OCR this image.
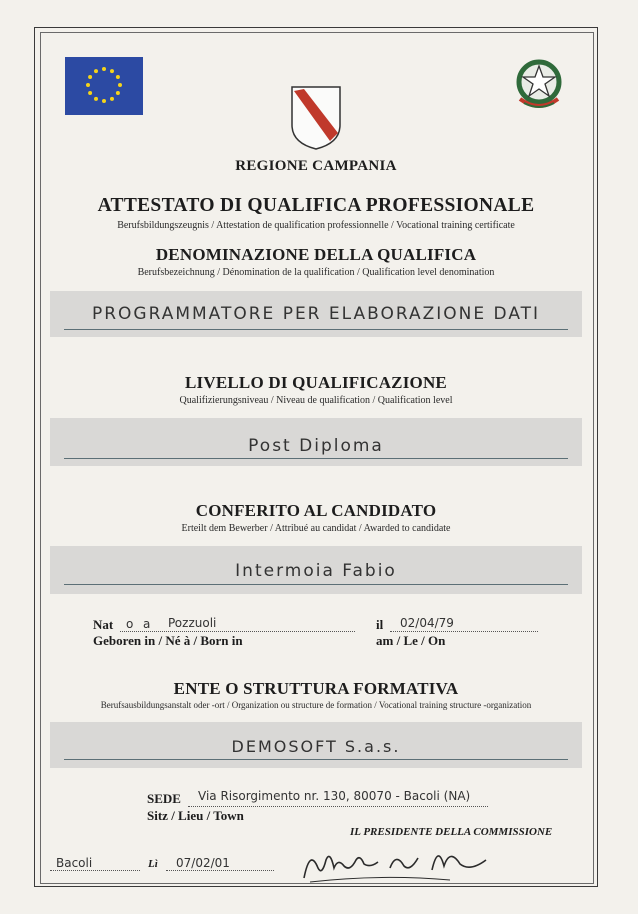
REGIONE CAMPANIA
ATTESTATO DI QUALIFICA PROFESSIONALE
Berufsbildungszeugnis / Attestation de qualification professionnelle / Vocational training certificate
DENOMINAZIONE DELLA QUALIFICA
Berufsbezeichnung / Dénomination de la qualification / Qualification level denomination
PROGRAMMATORE PER ELABORAZIONE DATI
LIVELLO DI QUALIFICAZIONE
Qualifizierungsniveau / Niveau de qualification / Qualification level
Post Diploma
CONFERITO AL CANDIDATO
Erteilt dem Bewerber / Attribué au candidat / Awarded to candidate
Intermoia Fabio
Nat o a Pozzuoli
Geboren in / Né à / Born in
il 02/04/79
am / Le / On
ENTE O STRUTTURA FORMATIVA
Berufsausbildungsanstalt oder -ort / Organization ou structure de formation / Vocational training structure -organization
DEMOSOFT S.a.s.
SEDE Via Risorgimento nr. 130, 80070 - Bacoli (NA)
Sitz / Lieu / Town
IL PRESIDENTE DELLA COMMISSIONE
Bacoli	Lì 07/02/01
